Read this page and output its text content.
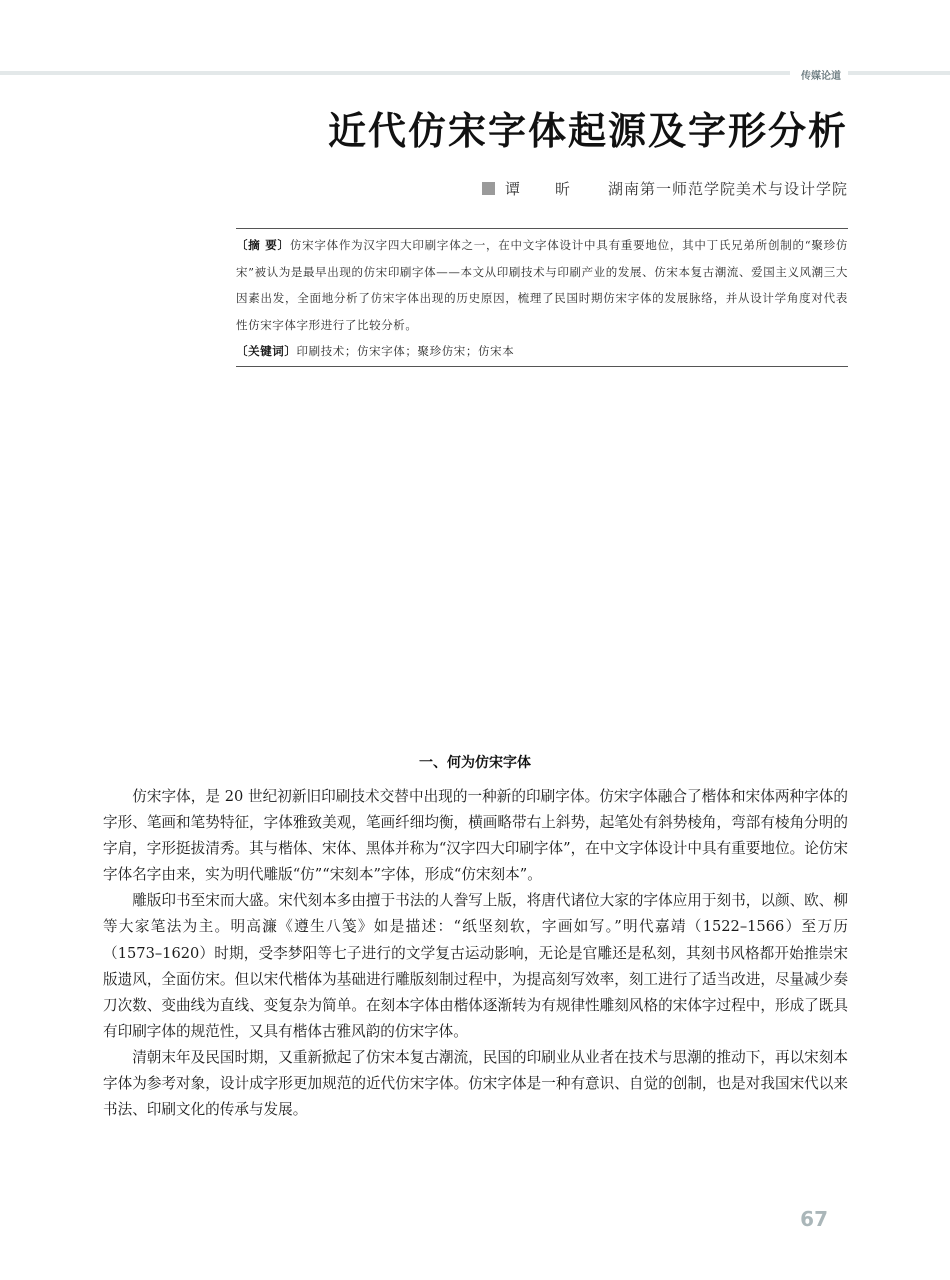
传媒论道
近代仿宋字体起源及字形分析
谭　昕 湖南第一师范学院美术与设计学院

〔摘 要〕仿宋字体作为汉字四大印刷字体之一，在中文字体设计中具有重要地位，其中丁氏兄弟所创制的“聚珍仿宋”被认为是最早出现的仿宋印刷字体——本文从印刷技术与印刷产业的发展、仿宋本复古潮流、爱国主义风潮三大因素出发，全面地分析了仿宋字体出现的历史原因，梳理了民国时期仿宋字体的发展脉络，并从设计学角度对代表性仿宋字体字形进行了比较分析。

〔关键词〕印刷技术；仿宋字体；聚珍仿宋；仿宋本

一、何为仿宋字体

仿宋字体，是 20 世纪初新旧印刷技术交替中出现的一种新的印刷字体。仿宋字体融合了楷体和宋体两种字体的字形、笔画和笔势特征，字体雅致美观，笔画纤细均衡，横画略带右上斜势，起笔处有斜势棱角，弯部有棱角分明的字肩，字形挺拔清秀。其与楷体、宋体、黑体并称为“汉字四大印刷字体”，在中文字体设计中具有重要地位。论仿宋字体名字由来，实为明代雕版“仿”“宋刻本”字体，形成“仿宋刻本”。

雕版印书至宋而大盛。宋代刻本多由擅于书法的人誊写上版，将唐代诸位大家的字体应用于刻书，以颜、欧、柳等大家笔法为主。明高濂《遵生八笺》如是描述：“纸坚刻软，字画如写。”明代嘉靖（1522–1566）至万历（1573–1620）时期，受李梦阳等七子进行的文学复古运动影响，无论是官雕还是私刻，其刻书风格都开始推崇宋版遗风，全面仿宋。但以宋代楷体为基础进行雕版刻制过程中，为提高刻写效率，刻工进行了适当改进，尽量减少奏刀次数、变曲线为直线、变复杂为简单。在刻本字体由楷体逐渐转为有规律性雕刻风格的宋体字过程中，形成了既具有印刷字体的规范性，又具有楷体古雅风韵的仿宋字体。

清朝末年及民国时期，又重新掀起了仿宋本复古潮流，民国的印刷业从业者在技术与思潮的推动下，再以宋刻本字体为参考对象，设计成字形更加规范的近代仿宋字体。仿宋字体是一种有意识、自觉的创制，也是对我国宋代以来书法、印刷文化的传承与发展。

67
